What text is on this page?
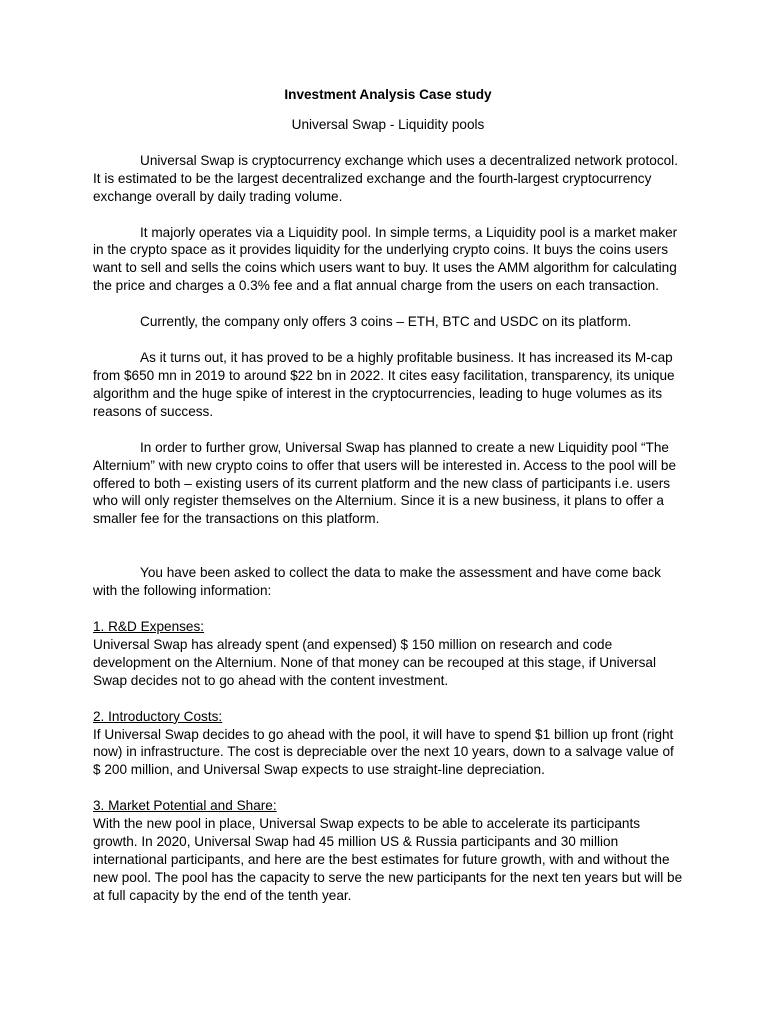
Investment Analysis Case study
Universal Swap - Liquidity pools

Universal Swap is cryptocurrency exchange which uses a decentralized network protocol. It is estimated to be the largest decentralized exchange and the fourth-largest cryptocurrency exchange overall by daily trading volume.

It majorly operates via a Liquidity pool. In simple terms, a Liquidity pool is a market maker in the crypto space as it provides liquidity for the underlying crypto coins. It buys the coins users want to sell and sells the coins which users want to buy. It uses the AMM algorithm for calculating the price and charges a 0.3% fee and a flat annual charge from the users on each transaction.

Currently, the company only offers 3 coins – ETH, BTC and USDC on its platform.

As it turns out, it has proved to be a highly profitable business. It has increased its M-cap from $650 mn in 2019 to around $22 bn in 2022. It cites easy facilitation, transparency, its unique algorithm and the huge spike of interest in the cryptocurrencies, leading to huge volumes as its reasons of success.

In order to further grow, Universal Swap has planned to create a new Liquidity pool “The Alternium” with new crypto coins to offer that users will be interested in. Access to the pool will be offered to both – existing users of its current platform and the new class of participants i.e. users who will only register themselves on the Alternium. Since it is a new business, it plans to offer a smaller fee for the transactions on this platform.

You have been asked to collect the data to make the assessment and have come back with the following information:

1. R&D Expenses:
Universal Swap has already spent (and expensed) $ 150 million on research and code development on the Alternium. None of that money can be recouped at this stage, if Universal Swap decides not to go ahead with the content investment.
2. Introductory Costs:
If Universal Swap decides to go ahead with the pool, it will have to spend $1 billion up front (right now) in infrastructure. The cost is depreciable over the next 10 years, down to a salvage value of $ 200 million, and Universal Swap expects to use straight-line depreciation.
3. Market Potential and Share:
With the new pool in place, Universal Swap expects to be able to accelerate its participants growth. In 2020, Universal Swap had 45 million US & Russia participants and 30 million international participants, and here are the best estimates for future growth, with and without the new pool. The pool has the capacity to serve the new participants for the next ten years but will be at full capacity by the end of the tenth year.
